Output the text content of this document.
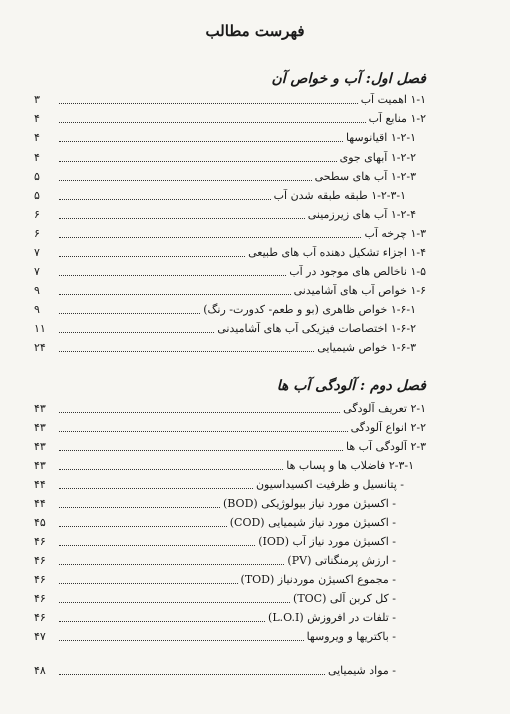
فهرست مطالب
فصل اول: آب و خواص آن
فصل دوم : آلودگی آب ها
۱-۱ اهمیت آب
۳
۱-۲ منابع آب
۴
۱-۲-۱ اقیانوسها
۴
۱-۲-۲ آبهای جوی
۴
۱-۲-۳ آب های سطحی
۵
۱-۲-۳-۱ طبقه طبقه شدن آب
۵
۱-۲-۴ آب های زیرزمینی
۶
۱-۳ چرخه آب
۶
۱-۴ اجزاء تشکیل دهنده آب های طبیعی
۷
۱-۵ ناخالص های موجود در آب
۷
۱-۶ خواص آب های آشامیدنی
۹
۱-۶-۱ خواص ظاهری (بو و طعم- کدورت- رنگ)
۹
۱-۶-۲ اختصاصات فیزیکی آب های آشامیدنی
۱۱
۱-۶-۳ خواص شیمیایی
۲۴
۲-۱ تعریف آلودگی
۴۳
۲-۲ انواع آلودگی
۴۳
۲-۳ آلودگی آب ها
۴۳
۲-۳-۱ فاضلاب ها و پساب ها
۴۳
- پتانسیل و ظرفیت اکسیداسیون
۴۴
- اکسیژن مورد نیاز بیولوژیکی (BOD)
۴۴
- اکسیژن مورد نیاز شیمیایی (COD)
۴۵
- اکسیژن مورد نیاز آب (IOD)
۴۶
- ارزش پرمنگناتی (PV)
۴۶
- مجموع اکسیژن موردنیاز (TOD)
۴۶
- کل کربن آلی (TOC)
۴۶
- تلفات در افروزش (L.O.I)
۴۶
- باکتریها و ویروسها
۴۷
- مواد شیمیایی
۴۸
